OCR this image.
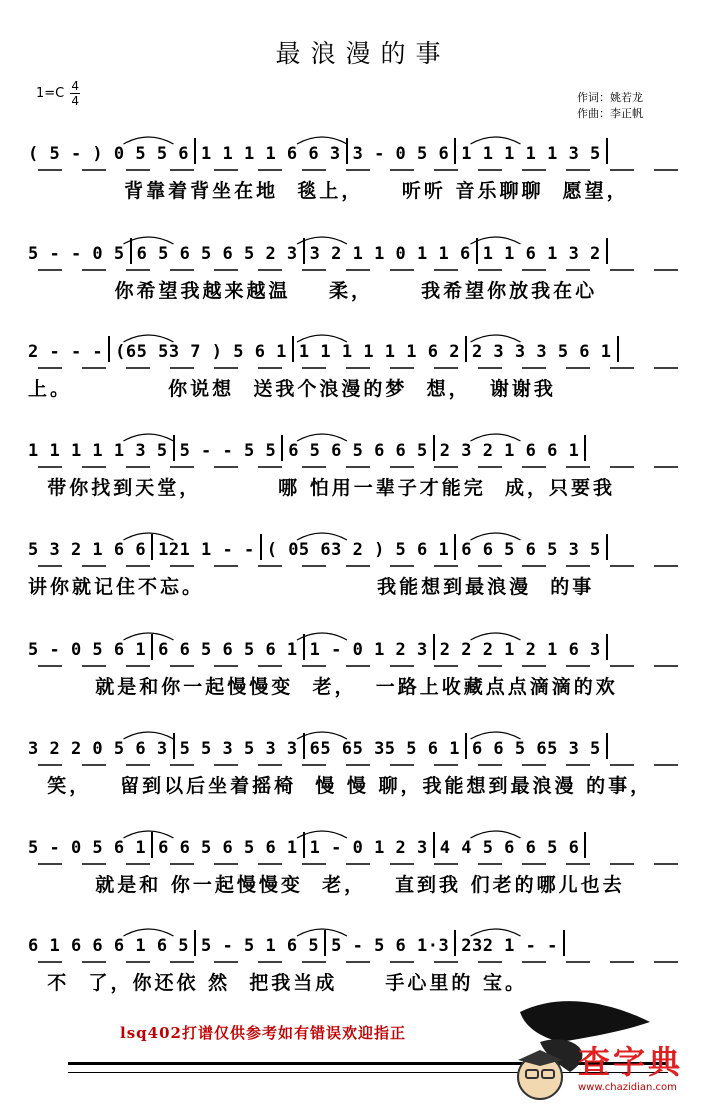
最浪漫的事
1=C 4
4	作词：姚若龙
作曲：李正帆
( 5 - ) 0 5 5 6 1 1 1 1 6 6 3 3 - 0 5 6 1 1 1 1 1 3 5
背靠着背坐在地  毯上，    听听 音乐聊聊  愿望，
5 - - 0 5 6 5 6 5 6 5 2 3 3 2 1 1 0 1 1 6 1 1 6 1 3 2
你希望我越来越温    柔，     我希望你放我在心
2 - - - (65 53 7 ) 5 6 1 1 1 1 1 1 1 6 2 2 3 3 3 5 6 1
上。          你说想  送我个浪漫的梦  想，  谢谢我
1 1 1 1 1 3 5 5 - - 5 5 6 5 6 5 6 6 5 2 3 2 1 6 6 1
带你找到天堂，        哪 怕用一辈子才能完  成，只要我
5 3 2 1 6 6 121 1 - - ( 05 63 2 ) 5 6 1 6 6 5 6 5 3 5
讲你就记住不忘。                  我能想到最浪漫  的事
5 - 0 5 6 1 6 6 5 6 5 6 1 1 - 0 1 2 3 2 2 2 1 2 1 6 3
就是和你一起慢慢变  老，  一路上收藏点点滴滴的欢
3 2 2 0 5 6 3 5 5 3 5 3 3 65 65 35 5 6 1 6 6 5 65 3 5
笑，   留到以后坐着摇椅  慢 慢 聊，我能想到最浪漫 的事，
5 - 0 5 6 1 6 6 5 6 5 6 1 1 - 0 1 2 3 4 4 5 6 6 5 6
就是和 你一起慢慢变  老，   直到我 们老的哪儿也去
6 1 6 6 6 1 6 5 5 - 5 1 6 5 5 - 5 6 1·3 232 1 - -
不  了，你还依 然  把我当成     手心里的 宝。
lsq402打谱仅供参考如有错误欢迎指正
查字典
www.chazidian.com
